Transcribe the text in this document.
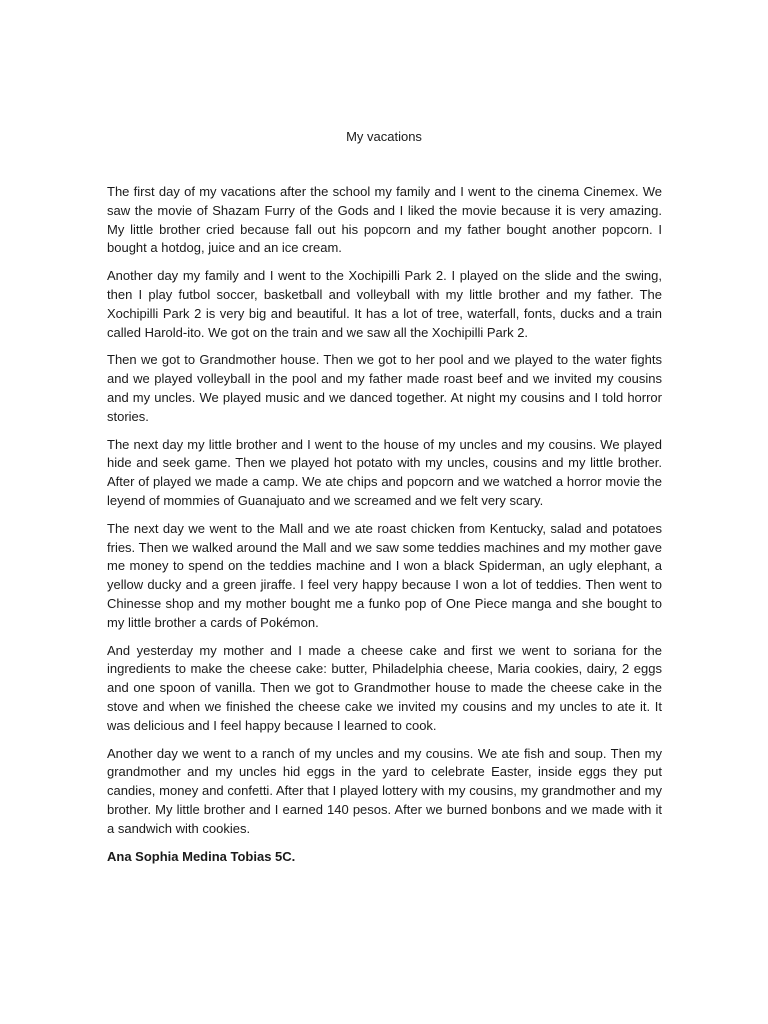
My vacations

The first day of my vacations after the school my family and I went to the cinema Cinemex. We saw the movie of Shazam Furry of the Gods and I liked the movie because it is very amazing. My little brother cried because fall out his popcorn and my father bought another popcorn. I bought a hotdog, juice and an ice cream.

Another day my family and I went to the Xochipilli Park 2. I played on the slide and the swing, then I play futbol soccer, basketball and volleyball with my little brother and my father. The Xochipilli Park 2 is very big and beautiful. It has a lot of tree, waterfall, fonts, ducks and a train called Harold-ito. We got on the train and we saw all the Xochipilli Park 2.

Then we got to Grandmother house. Then we got to her pool and we played to the water fights and we played volleyball in the pool and my father made roast beef and we invited my cousins and my uncles. We played music and we danced together. At night my cousins and I told horror stories.

The next day my little brother and I went to the house of my uncles and my cousins. We played hide and seek game. Then we played hot potato with my uncles, cousins and my little brother. After of played we made a camp. We ate chips and popcorn and we watched a horror movie the leyend of mommies of Guanajuato and we screamed and we felt very scary.

The next day we went to the Mall and we ate roast chicken from Kentucky, salad and potatoes fries. Then we walked around the Mall and we saw some teddies machines and my mother gave me money to spend on the teddies machine and I won a black Spiderman, an ugly elephant, a yellow ducky and a green jiraffe. I feel very happy because I won a lot of teddies. Then went to Chinesse shop and my mother bought me a funko pop of One Piece manga and she bought to my little brother a cards of Pokémon.

And yesterday my mother and I made a cheese cake and first we went to soriana for the ingredients to make the cheese cake: butter, Philadelphia cheese, Maria cookies, dairy, 2 eggs and one spoon of vanilla. Then we got to Grandmother house to made the cheese cake in the stove and when we finished the cheese cake we invited my cousins and my uncles to ate it. It was delicious and I feel happy because I learned to cook.

Another day we went to a ranch of my uncles and my cousins. We ate fish and soup. Then my grandmother and my uncles hid eggs in the yard to celebrate Easter, inside eggs they put candies, money and confetti. After that I played lottery with my cousins, my grandmother and my brother. My little brother and I earned 140 pesos. After we burned bonbons and we made with it a sandwich with cookies.

Ana Sophia Medina Tobias 5C.
